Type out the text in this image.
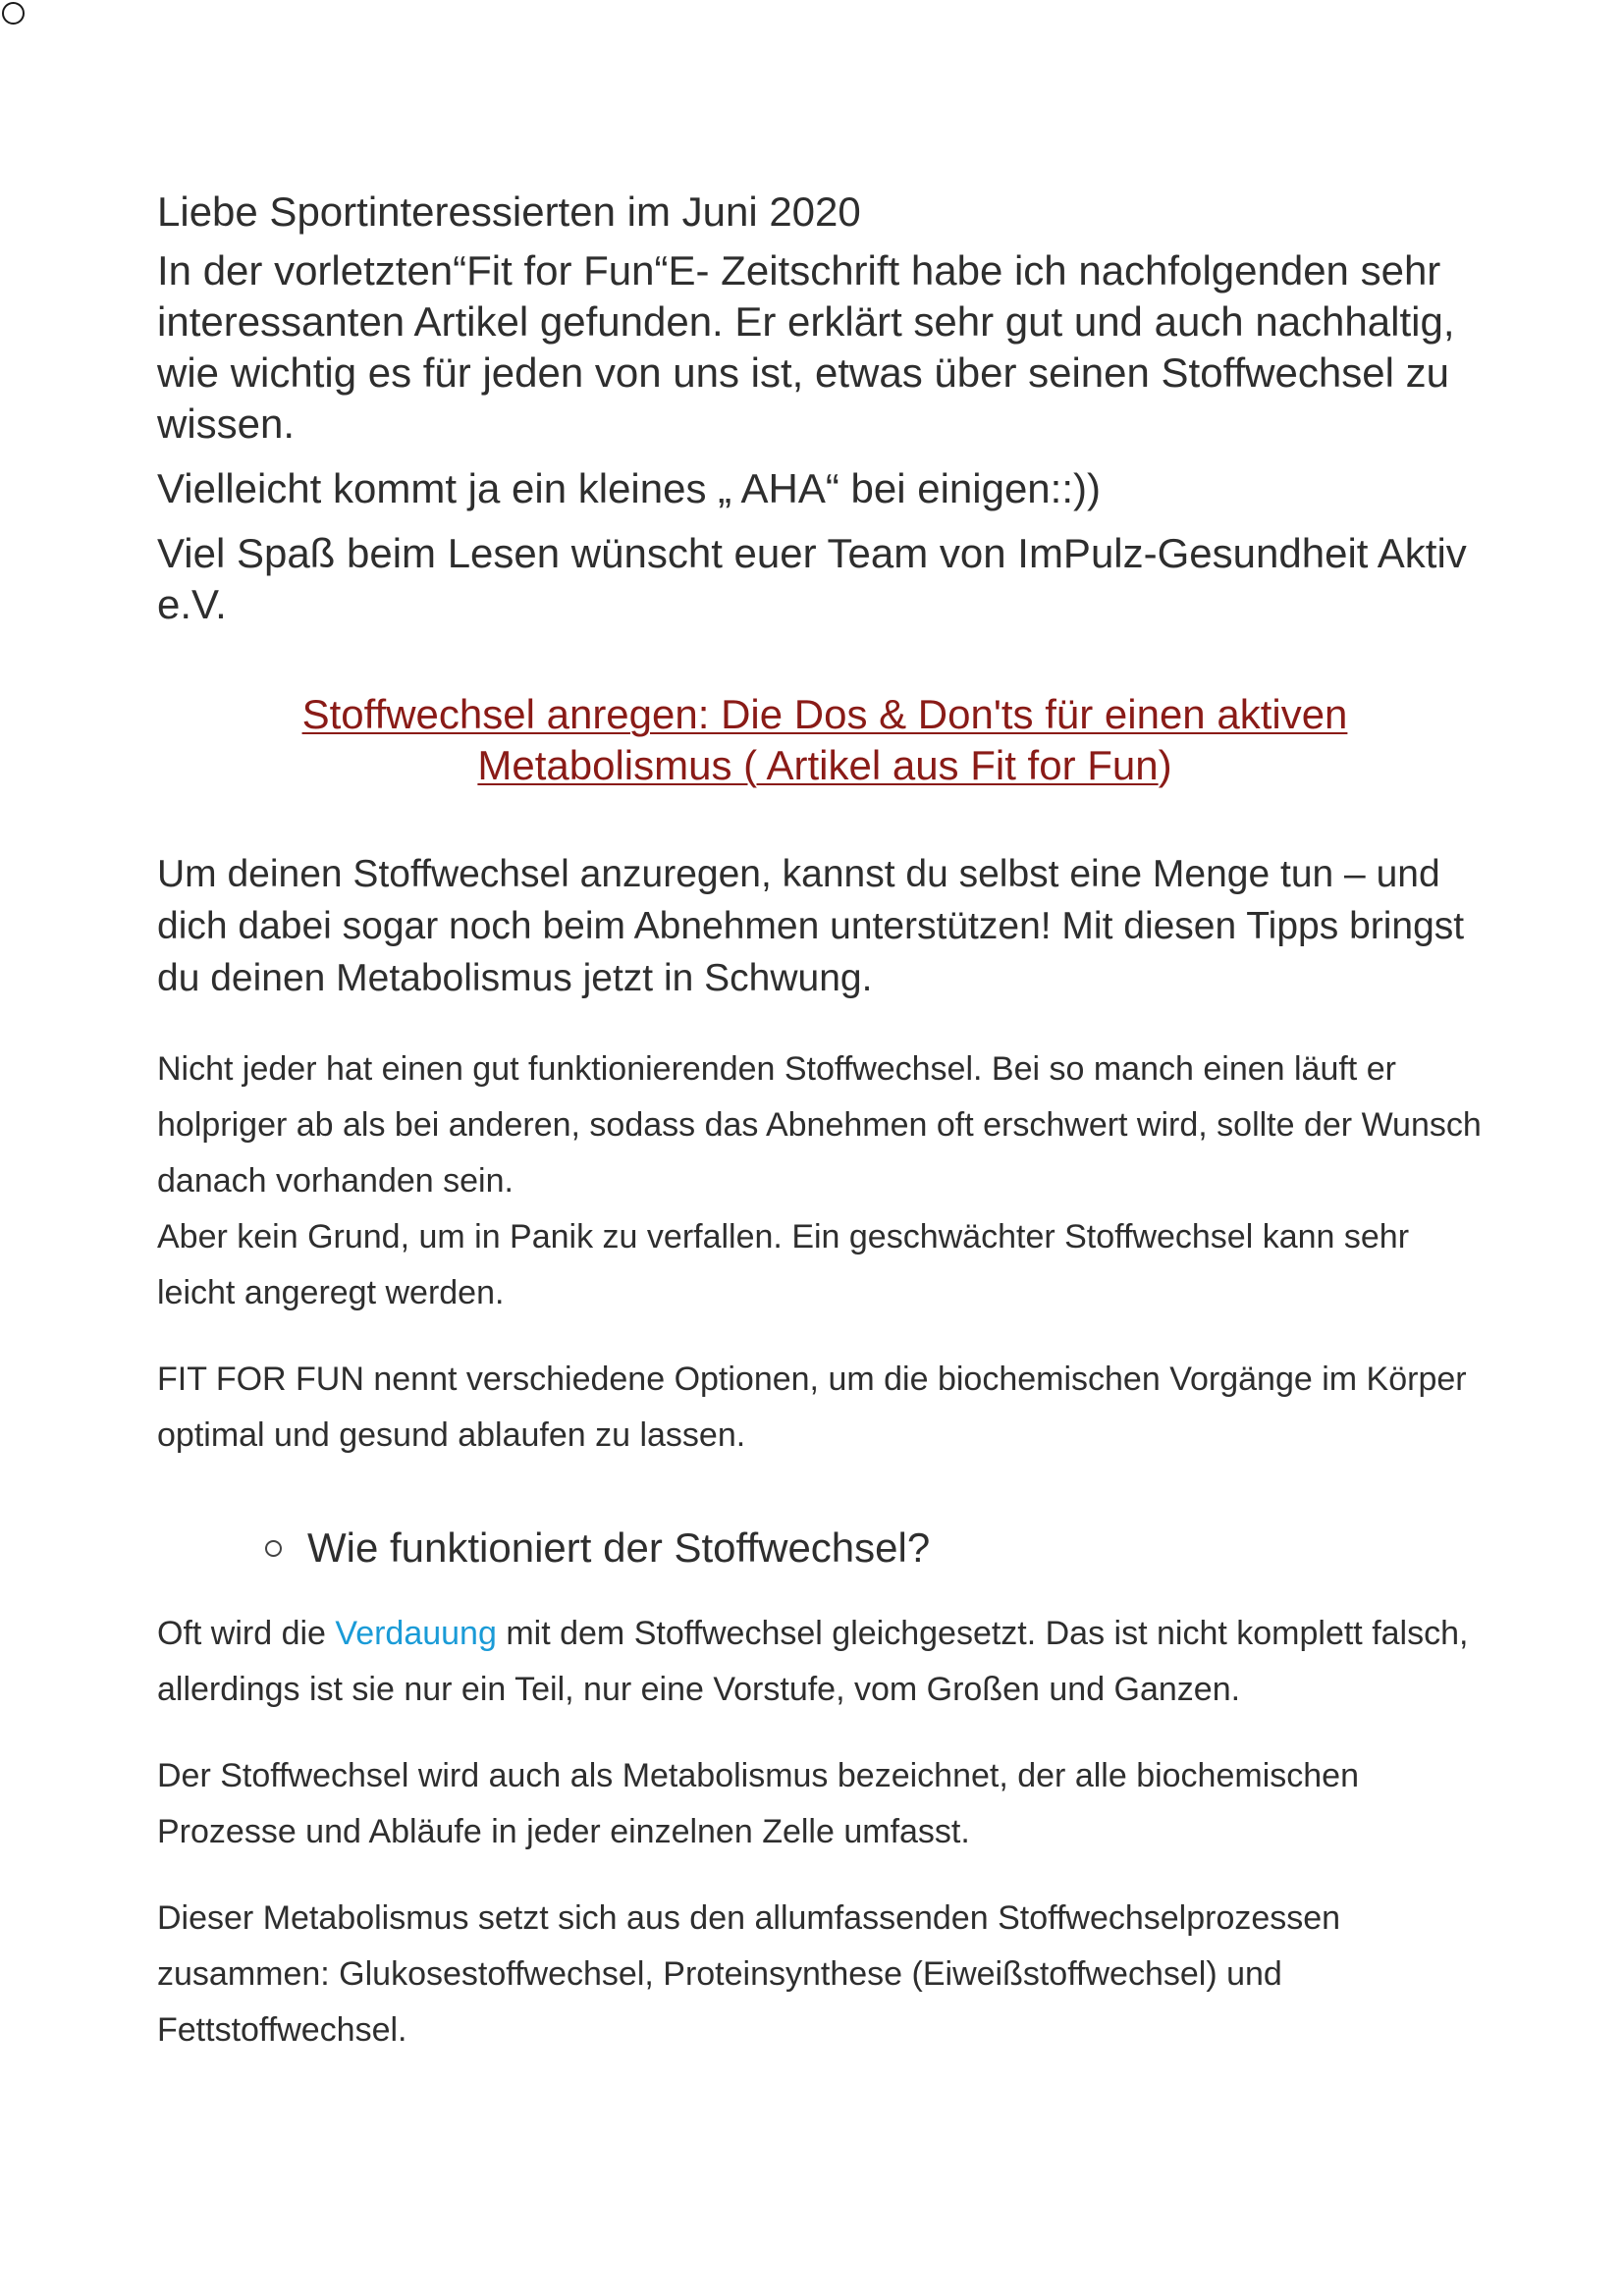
Liebe Sportinteressierten im Juni 2020

In der vorletzten“Fit for Fun“E- Zeitschrift habe ich nachfolgenden sehr interessanten Artikel gefunden. Er erklärt sehr gut und auch nachhaltig, wie wichtig es für jeden von uns ist, etwas über seinen Stoffwechsel zu wissen.

Vielleicht kommt ja ein kleines „ AHA“ bei einigen::))

Viel Spaß beim Lesen wünscht euer Team von ImPulz-Gesundheit Aktiv e.V.

Stoffwechsel anregen: Die Dos & Don'ts für einen aktiven
Metabolismus ( Artikel aus Fit for Fun)

Um deinen Stoffwechsel anzuregen, kannst du selbst eine Menge tun – und dich dabei sogar noch beim Abnehmen unterstützen! Mit diesen Tipps bringst du deinen Metabolismus jetzt in Schwung.

Nicht jeder hat einen gut funktionierenden Stoffwechsel. Bei so manch einen läuft er holpriger ab als bei anderen, sodass das Abnehmen oft erschwert wird, sollte der Wunsch danach vorhanden sein.
Aber kein Grund, um in Panik zu verfallen. Ein geschwächter Stoffwechsel kann sehr leicht angeregt werden.

FIT FOR FUN nennt verschiedene Optionen, um die biochemischen Vorgänge im Körper optimal und gesund ablaufen zu lassen.

Wie funktioniert der Stoffwechsel?

Oft wird die Verdauung mit dem Stoffwechsel gleichgesetzt. Das ist nicht komplett falsch, allerdings ist sie nur ein Teil, nur eine Vorstufe, vom Großen und Ganzen.

Der Stoffwechsel wird auch als Metabolismus bezeichnet, der alle biochemischen Prozesse und Abläufe in jeder einzelnen Zelle umfasst.

Dieser Metabolismus setzt sich aus den allumfassenden Stoffwechselprozessen zusammen: Glukosestoffwechsel, Proteinsynthese (Eiweißstoffwechsel) und Fettstoffwechsel.
